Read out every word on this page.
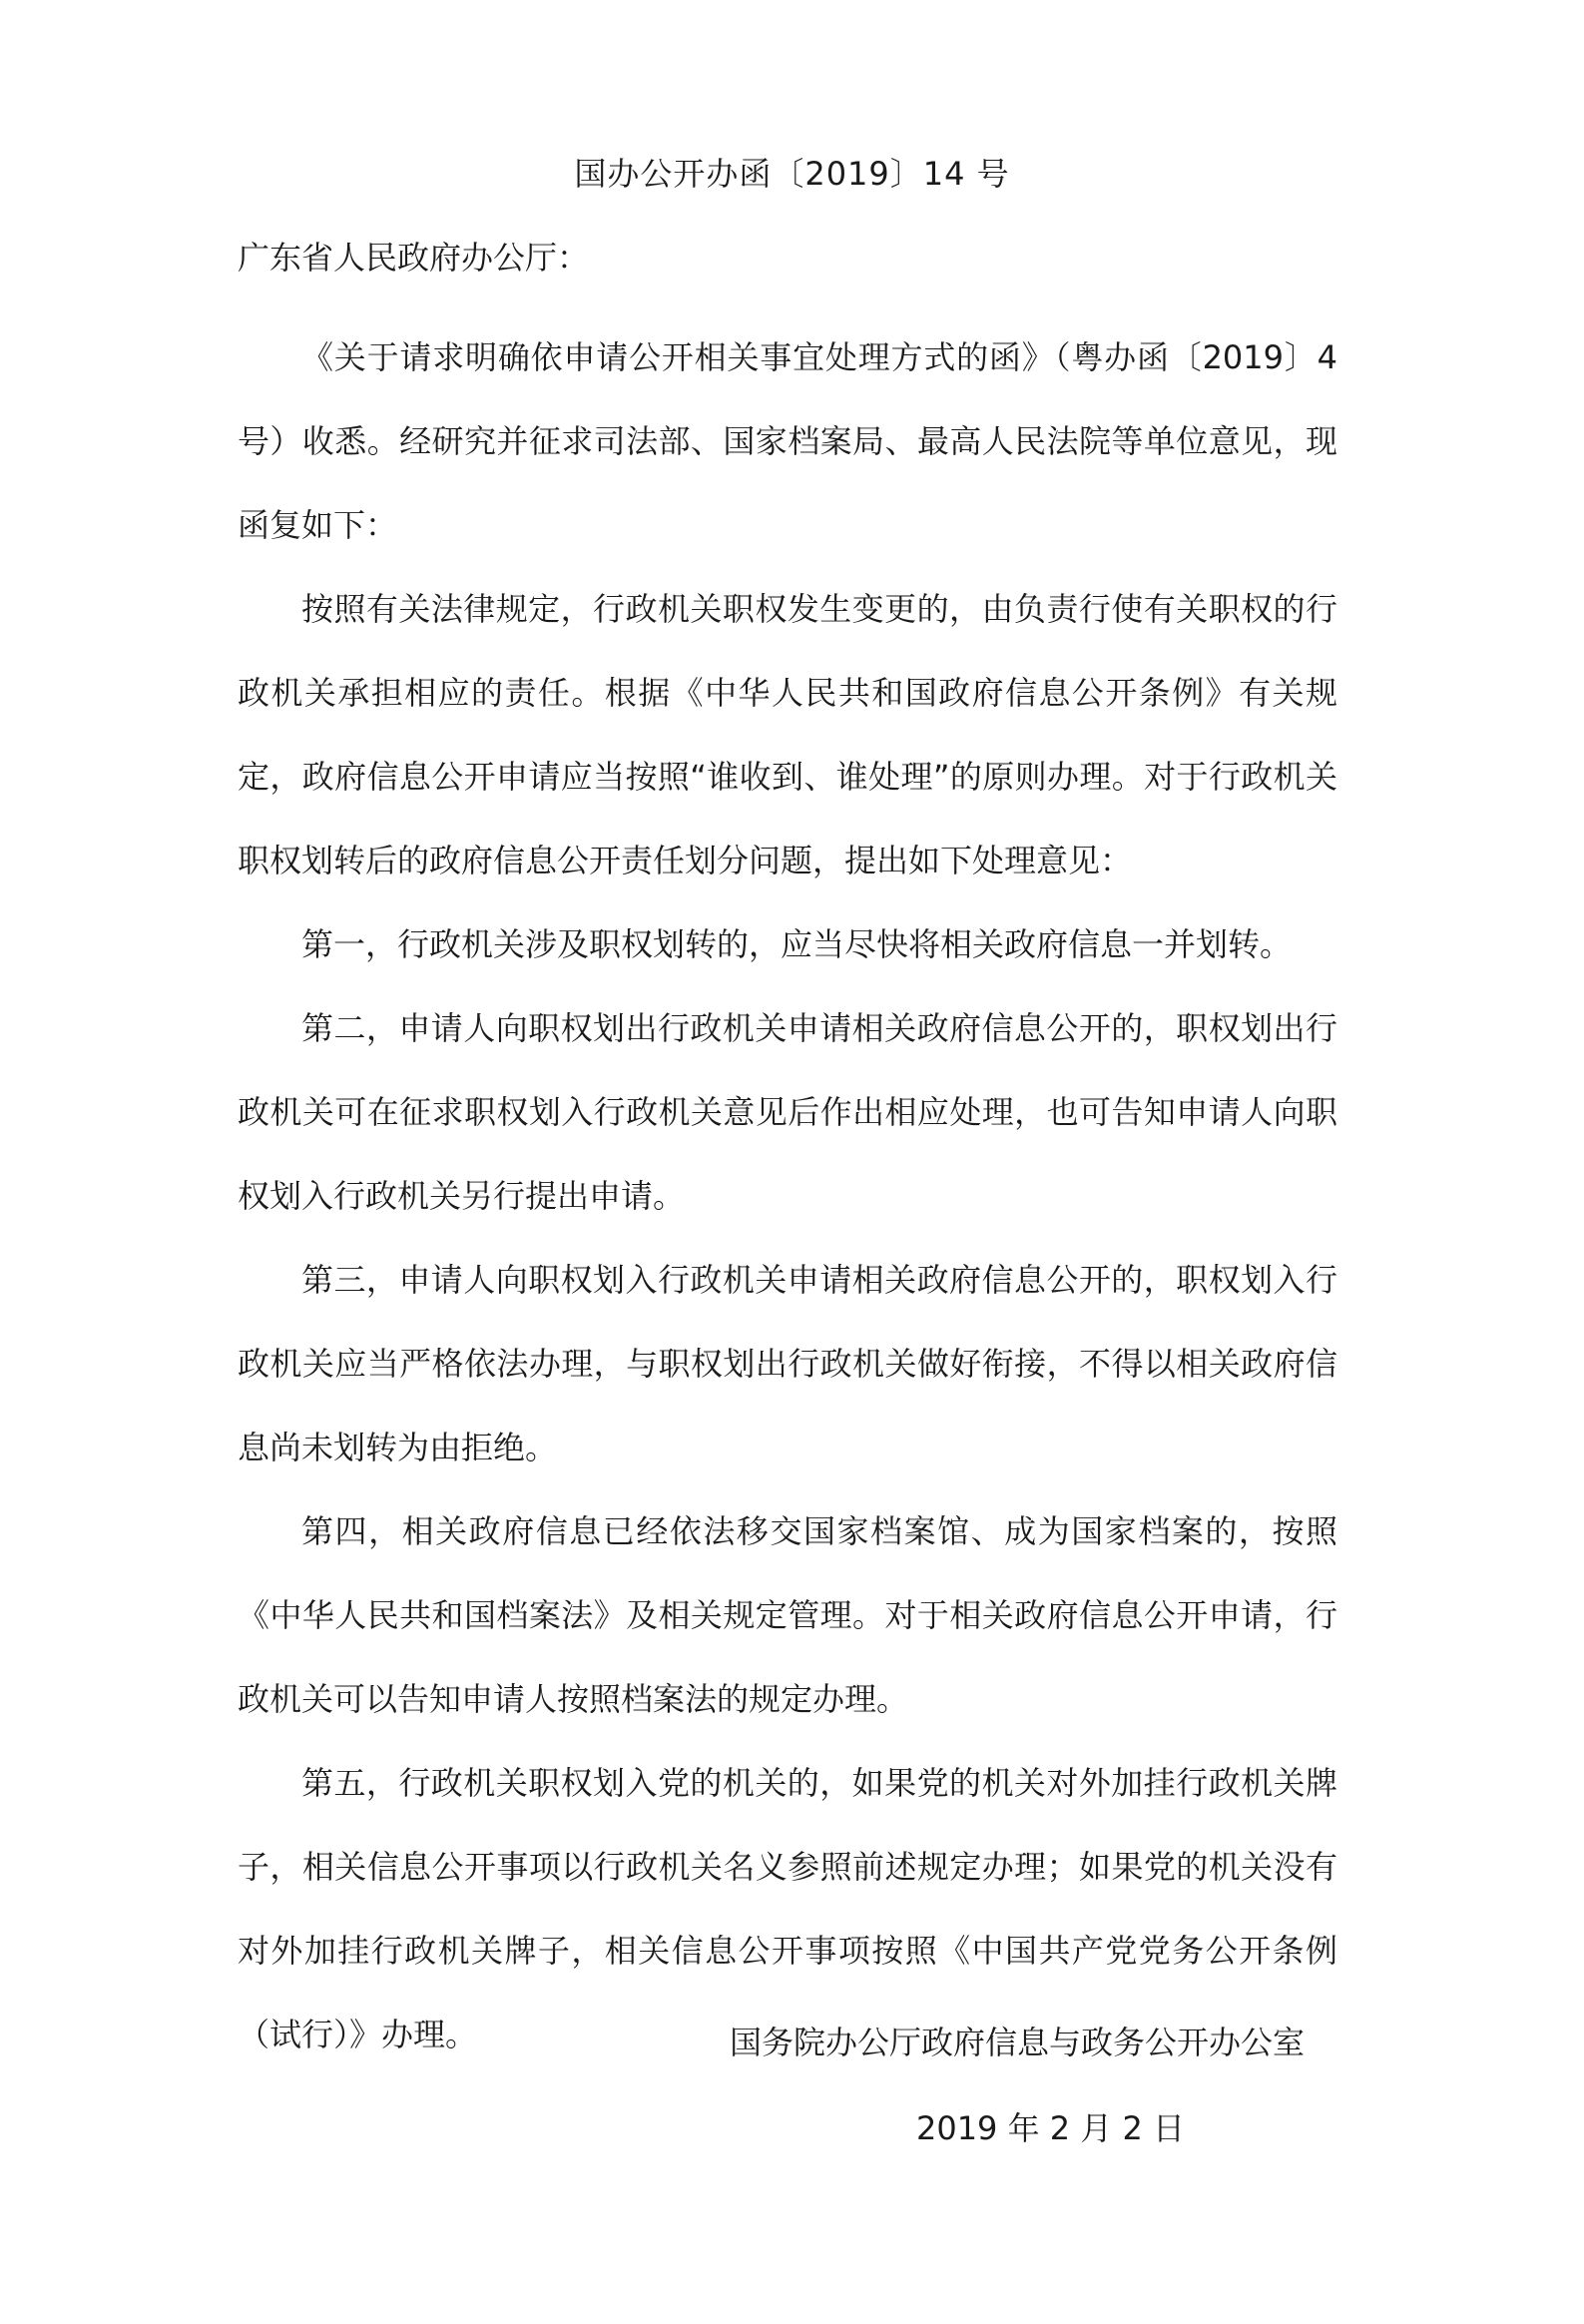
国办公开办函〔2019〕14 号
广东省人民政府办公厅：

《关于请求明确依申请公开相关事宜处理方式的函》（粤办函〔2019〕4 号）收悉。经研究并征求司法部、国家档案局、最高人民法院等单位意见，现函复如下：

按照有关法律规定，行政机关职权发生变更的，由负责行使有关职权的行政机关承担相应的责任。根据《中华人民共和国政府信息公开条例》有关规定，政府信息公开申请应当按照“谁收到、谁处理”的原则办理。对于行政机关职权划转后的政府信息公开责任划分问题，提出如下处理意见：

第一，行政机关涉及职权划转的，应当尽快将相关政府信息一并划转。

第二，申请人向职权划出行政机关申请相关政府信息公开的，职权划出行政机关可在征求职权划入行政机关意见后作出相应处理，也可告知申请人向职权划入行政机关另行提出申请。

第三，申请人向职权划入行政机关申请相关政府信息公开的，职权划入行政机关应当严格依法办理，与职权划出行政机关做好衔接，不得以相关政府信息尚未划转为由拒绝。

第四，相关政府信息已经依法移交国家档案馆、成为国家档案的，按照《中华人民共和国档案法》及相关规定管理。对于相关政府信息公开申请，行政机关可以告知申请人按照档案法的规定办理。

第五，行政机关职权划入党的机关的，如果党的机关对外加挂行政机关牌子，相关信息公开事项以行政机关名义参照前述规定办理；如果党的机关没有对外加挂行政机关牌子，相关信息公开事项按照《中国共产党党务公开条例（试行）》办理。	国务院办公厅政府信息与政务公开办公室
2019 年 2 月 2 日
